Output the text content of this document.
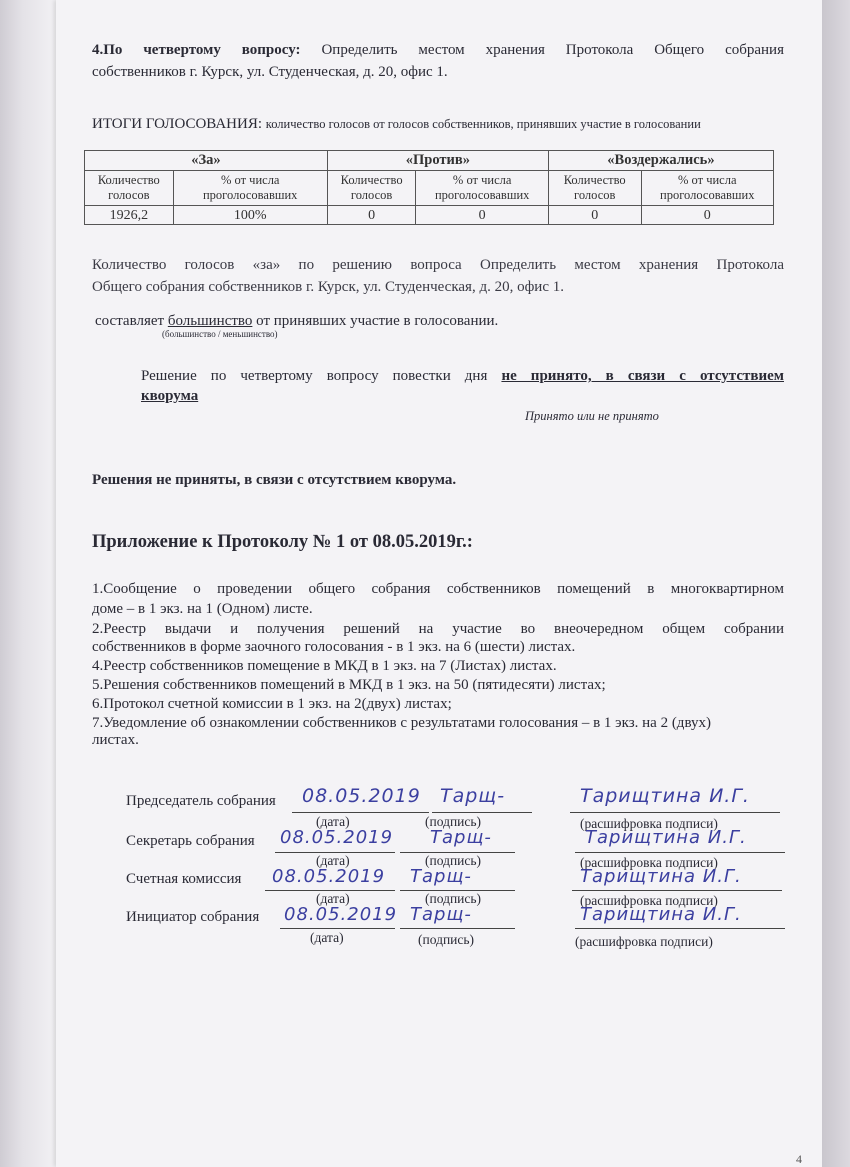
4.По четвертому вопросу: Определить местом хранения Протокола Общего собрания
собственников г. Курск, ул. Студенческая, д. 20, офис 1.
ИТОГИ ГОЛОСОВАНИЯ: количество голосов от голосов собственников, принявших участие в голосовании
«За»		«Против»		«Воздержались»	
Количество голосов	% от числа проголосовавших	Количество голосов	% от числа проголосовавших	Количество голосов	% от числа проголосовавших
1926,2	100%	0	0	0	0
Количество голосов «за» по решению вопроса Определить местом хранения Протокола
Общего собрания собственников г. Курск, ул. Студенческая, д. 20, офис 1.
составляет большинство от принявших участие в голосовании.
(большинство / меньшинство)
Решение по четвертому вопросу повестки дня не принято, в связи с отсутствием
кворума
Принято или не принято
Решения не приняты, в связи с отсутствием кворума.
Приложение к Протоколу № 1 от 08.05.2019г.:
1.Сообщение о проведении общего собрания собственников помещений в многоквартирном
доме – в 1 экз. на 1 (Одном) листе.
2.Реестр выдачи и получения решений на участие во внеочередном общем собрании
собственников в форме заочного голосования - в 1 экз. на 6 (шести) листах.
4.Реестр собственников помещение в МКД в 1 экз. на 7 (Листах) листах.
5.Решения собственников помещений в МКД в 1 экз. на 50 (пятидесяти) листах;
6.Протокол счетной комиссии в 1 экз. на 2(двух) листах;
7.Уведомление об ознакомлении собственников с результатами голосования – в 1 экз. на 2 (двух)
листах.
Председатель собрания 08.05.2019 Тарщ-	Тарищтина И.Г.
(дата)	(подпись)	(расшифровка подписи)
Секретарь собрания 08.05.2019 Тарщ-	Тарищтина И.Г.
(дата)	(подпись)	(расшифровка подписи)
Счетная комиссия 08.05.2019 Тарщ-	Тарищтина И.Г.
(дата)	(подпись)	(расшифровка подписи)
Инициатор собрания 08.05.2019 Тарщ-	Тарищтина И.Г.
(дата)	(подпись)	(расшифровка подписи)
4
